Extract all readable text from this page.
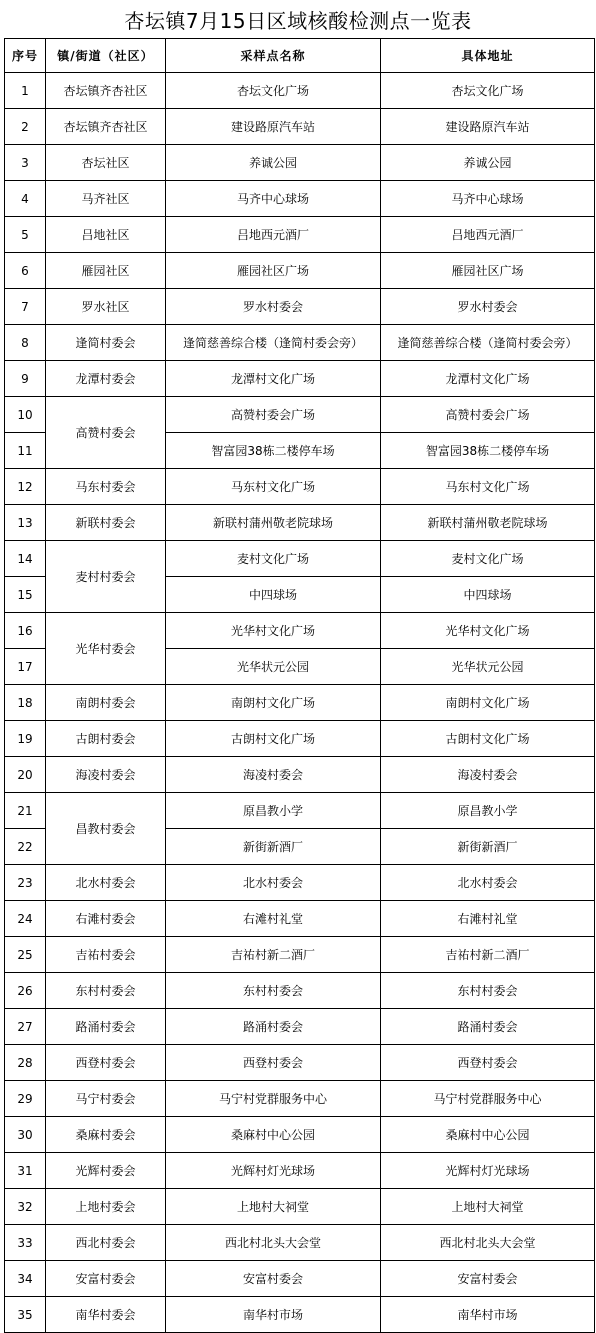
杏坛镇7月15日区域核酸检测点一览表
序号	镇/街道（社区）	采样点名称	具体地址
1	杏坛镇齐杏社区	杏坛文化广场	杏坛文化广场
2	杏坛镇齐杏社区	建设路原汽车站	建设路原汽车站
3	杏坛社区	养诚公园	养诚公园
4	马齐社区	马齐中心球场	马齐中心球场
5	吕地社区	吕地西元酒厂	吕地西元酒厂
6	雁园社区	雁园社区广场	雁园社区广场
7	罗水社区	罗水村委会	罗水村委会
8	逢简村委会	逢简慈善综合楼（逢简村委会旁）	逢简慈善综合楼（逢简村委会旁）
9	龙潭村委会	龙潭村文化广场	龙潭村文化广场
10	高赞村委会	高赞村委会广场	高赞村委会广场
11		智富园38栋二楼停车场	智富园38栋二楼停车场
12	马东村委会	马东村文化广场	马东村文化广场
13	新联村委会	新联村蒲州敬老院球场	新联村蒲州敬老院球场
14	麦村村委会	麦村文化广场	麦村文化广场
15		中四球场	中四球场
16	光华村委会	光华村文化广场	光华村文化广场
17		光华状元公园	光华状元公园
18	南朗村委会	南朗村文化广场	南朗村文化广场
19	古朗村委会	古朗村文化广场	古朗村文化广场
20	海凌村委会	海凌村委会	海凌村委会
21	昌教村委会	原昌教小学	原昌教小学
22		新街新酒厂	新街新酒厂
23	北水村委会	北水村委会	北水村委会
24	右滩村委会	右滩村礼堂	右滩村礼堂
25	吉祐村委会	吉祐村新二酒厂	吉祐村新二酒厂
26	东村村委会	东村村委会	东村村委会
27	路涌村委会	路涌村委会	路涌村委会
28	西登村委会	西登村委会	西登村委会
29	马宁村委会	马宁村党群服务中心	马宁村党群服务中心
30	桑麻村委会	桑麻村中心公园	桑麻村中心公园
31	光辉村委会	光辉村灯光球场	光辉村灯光球场
32	上地村委会	上地村大祠堂	上地村大祠堂
33	西北村委会	西北村北头大会堂	西北村北头大会堂
34	安富村委会	安富村委会	安富村委会
35	南华村委会	南华村市场	南华村市场
